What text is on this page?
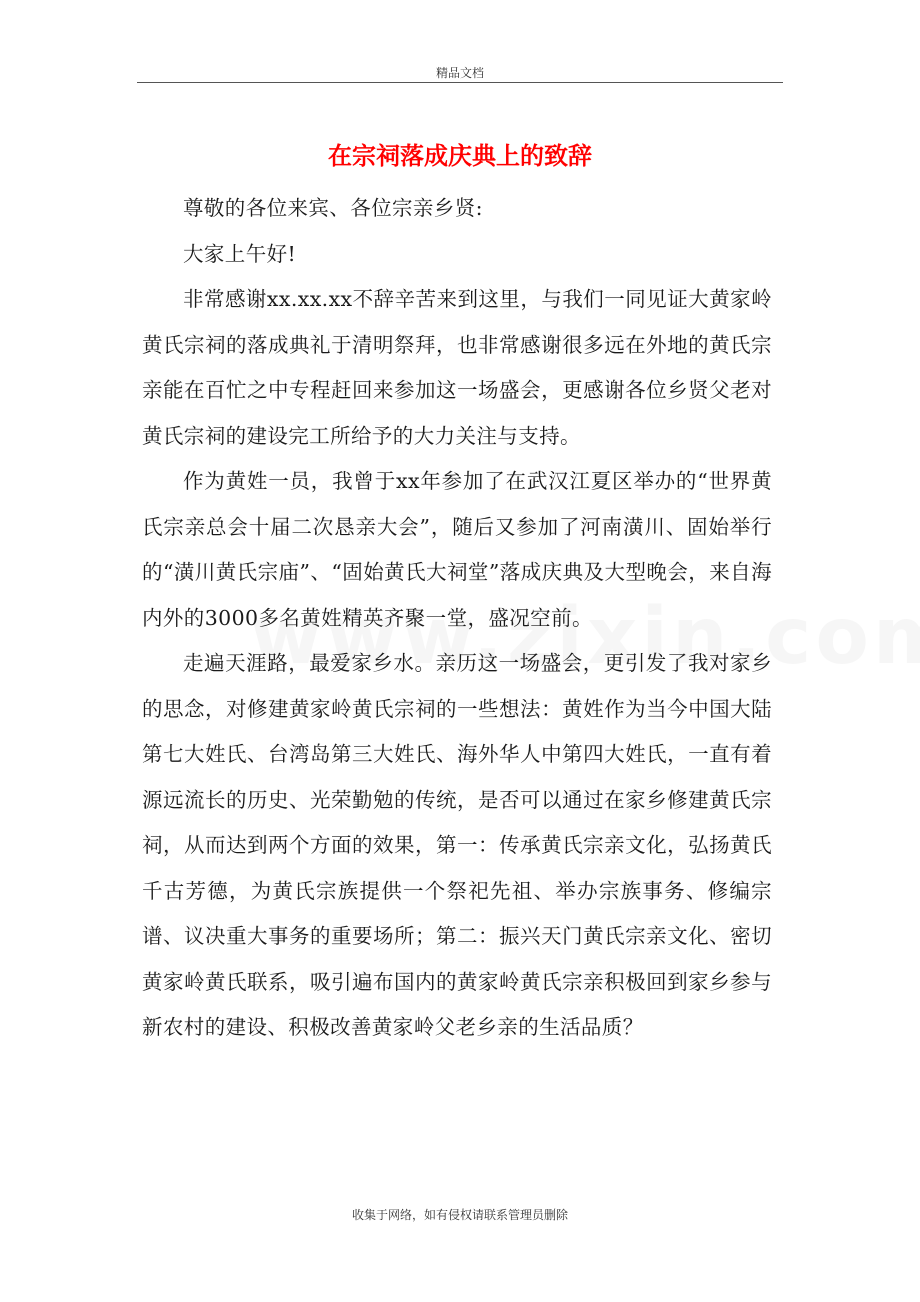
精品文档
在宗祠落成庆典上的致辞

尊敬的各位来宾、各位宗亲乡贤:

大家上午好!

非常感谢xx.xx.xx不辞辛苦来到这里，与我们一同见证大黄家岭黄氏宗祠的落成典礼于清明祭拜，也非常感谢很多远在外地的黄氏宗亲能在百忙之中专程赶回来参加这一场盛会，更感谢各位乡贤父老对黄氏宗祠的建设完工所给予的大力关注与支持。

作为黄姓一员，我曾于xx年参加了在武汉江夏区举办的“世界黄氏宗亲总会十届二次恳亲大会”，随后又参加了河南潢川、固始举行的“潢川黄氏宗庙”、“固始黄氏大祠堂”落成庆典及大型晚会，来自海内外的3000多名黄姓精英齐聚一堂，盛况空前。

走遍天涯路，最爱家乡水。亲历这一场盛会，更引发了我对家乡的思念，对修建黄家岭黄氏宗祠的一些想法：黄姓作为当今中国大陆第七大姓氏、台湾岛第三大姓氏、海外华人中第四大姓氏，一直有着源远流长的历史、光荣勤勉的传统，是否可以通过在家乡修建黄氏宗祠，从而达到两个方面的效果，第一：传承黄氏宗亲文化，弘扬黄氏千古芳德，为黄氏宗族提供一个祭祀先祖、举办宗族事务、修编宗谱、议决重大事务的重要场所；第二：振兴天门黄氏宗亲文化、密切黄家岭黄氏联系，吸引遍布国内的黄家岭黄氏宗亲积极回到家乡参与新农村的建设、积极改善黄家岭父老乡亲的生活品质？

收集于网络，如有侵权请联系管理员删除
